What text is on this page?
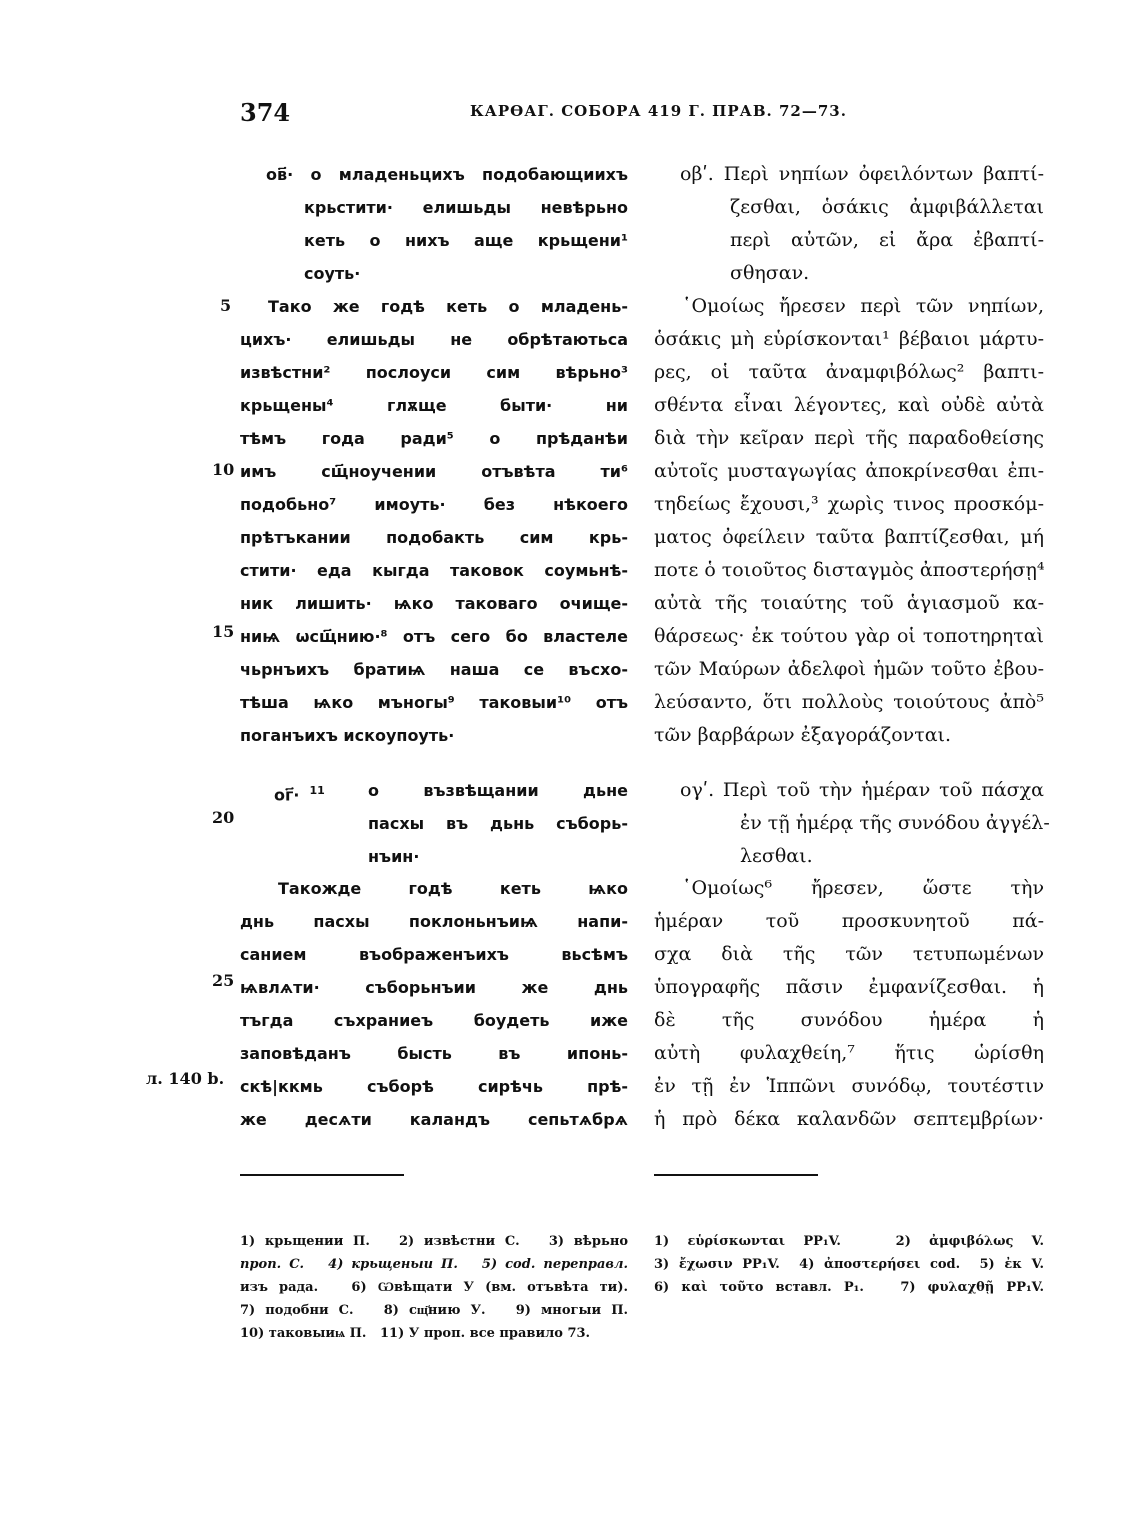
374	КАРѲАГ. СОБОРА 419 Г. ПРАВ. 72—73.
5
10
15
20
25
л. 140 b.
ов҃· о младеньцихъ подобающиихъ
крьстити· елишьды невѣрьно
кеть о нихъ аще крьщени¹
соуть·
Тако же годѣ кеть о младень-
цихъ· елишьды не обрѣтаютьса
извѣстни² послоуси сим вѣрьно³
крьщены⁴ глѫще быти· ни
тѣмъ года ради⁵ о прѣданѣи
имъ сщ҃ноучении отъвѣта ти⁶
подобьно⁷ имоуть· без нѣкоего
прѣтъкании подобакть сим крь-
стити· еда кыгда таковок соумьнѣ-
ник лишить· ѩко таковаго очище-
ниѩ ѡсщ҃нию·⁸ отъ сего бо властеле
чьрнъихъ братиѩ наша се въсхо-
тѣша ѩко мъногы⁹ таковыи¹⁰ отъ
поганъихъ искоупоуть·
οβʹ. Περὶ νηπίων ὀφειλόντων βαπτί-
ζεσθαι, ὁσάκις ἀμφιβάλλεται
περὶ αὐτῶν, εἰ ἄρα ἐβαπτί-
σθησαν.
῾Ομοίως ἤρεσεν περὶ τῶν νηπίων,
ὁσάκις μὴ εὑρίσκονται¹ βέβαιοι μάρτυ-
ρες, οἱ ταῦτα ἀναμφιβόλως² βαπτι-
σθέντα εἶναι λέγοντες, καὶ οὐδὲ αὐτὰ
διὰ τὴν κεῖραν περὶ τῆς παραδοθείσης
αὐτοῖς μυσταγωγίας ἀποκρίνεσθαι ἐπι-
τηδείως ἔχουσι,³ χωρὶς τινος προσκόμ-
ματος ὀφείλειν ταῦτα βαπτίζεσθαι, μή
ποτε ὁ τοιοῦτος δισταγμὸς ἀποστερήσῃ⁴
αὐτὰ τῆς τοιαύτης τοῦ ἁγιασμοῦ κα-
θάρσεως· ἐκ τούτου γὰρ οἱ τοποτηρηταὶ
τῶν Μαύρων ἀδελφοὶ ἡμῶν τοῦτο ἐβου-
λεύσαντο, ὅτι πολλοὺς τοιούτους ἀπὸ⁵
τῶν βαρβάρων ἐξαγοράζονται.
ог҃· $^{11}$	о възвѣщании дьне
пасхы въ дьнь съборь-
нъин·
Такожде годѣ кеть ѩко
днь пасхы поклоньнъиѩ напи-
санием въображенъихъ вьсѣмъ
ѩвлѧти· съборьнъии же днь
тъгда съхраниеъ боудеть иже
заповѣданъ бысть въ ипонь-
скѣ|ккмь съборѣ сирѣчь прѣ-
же десѧти каландъ сепьтѧбрѧ
ογʹ. Περὶ τοῦ τὴν ἡμέραν τοῦ πάσχα
ἐν τῇ ἡμέρᾳ τῆς συνόδου ἀγγέλ-
λεσθαι.
῾Ομοίως⁶ ἤρεσεν, ὥστε τὴν
ἡμέραν τοῦ προσκυνητοῦ πά-
σχα διὰ τῆς τῶν τετυπωμένων
ὑπογραφῆς πᾶσιν ἐμφανίζεσθαι. ἡ
δὲ τῆς συνόδου ἡμέρα ἡ
αὐτὴ φυλαχθείη,⁷ ἥτις ὡρίσθη
ἐν τῇ ἐν Ἱππῶνι συνόδῳ, τουτέστιν
ἡ πρὸ δέκα καλανδῶν σεπτεμβρίων·
1) крьщении П.   2) извѣстни С.   3) вѣрьно
проп. С.   4) крьщеныи П.   5) cod. переправл.
изъ рада.   6) Ѡвѣщати У (вм. отъвѣта ти).
7) подобни С.   8) сщ҃нию У.   9) многыи П.
10) таковыиѩ П.   11) У проп. все правило 73.
1) εὑρίσκωνται PP₁V.   2) ἀμφιβόλως V.
3) ἔχωσιν PP₁V.  4) ἀποστερήσει cod.  5) ἐκ V.
6) καὶ τοῦτο вставл. P₁.   7) φυλαχθῇ PP₁V.
